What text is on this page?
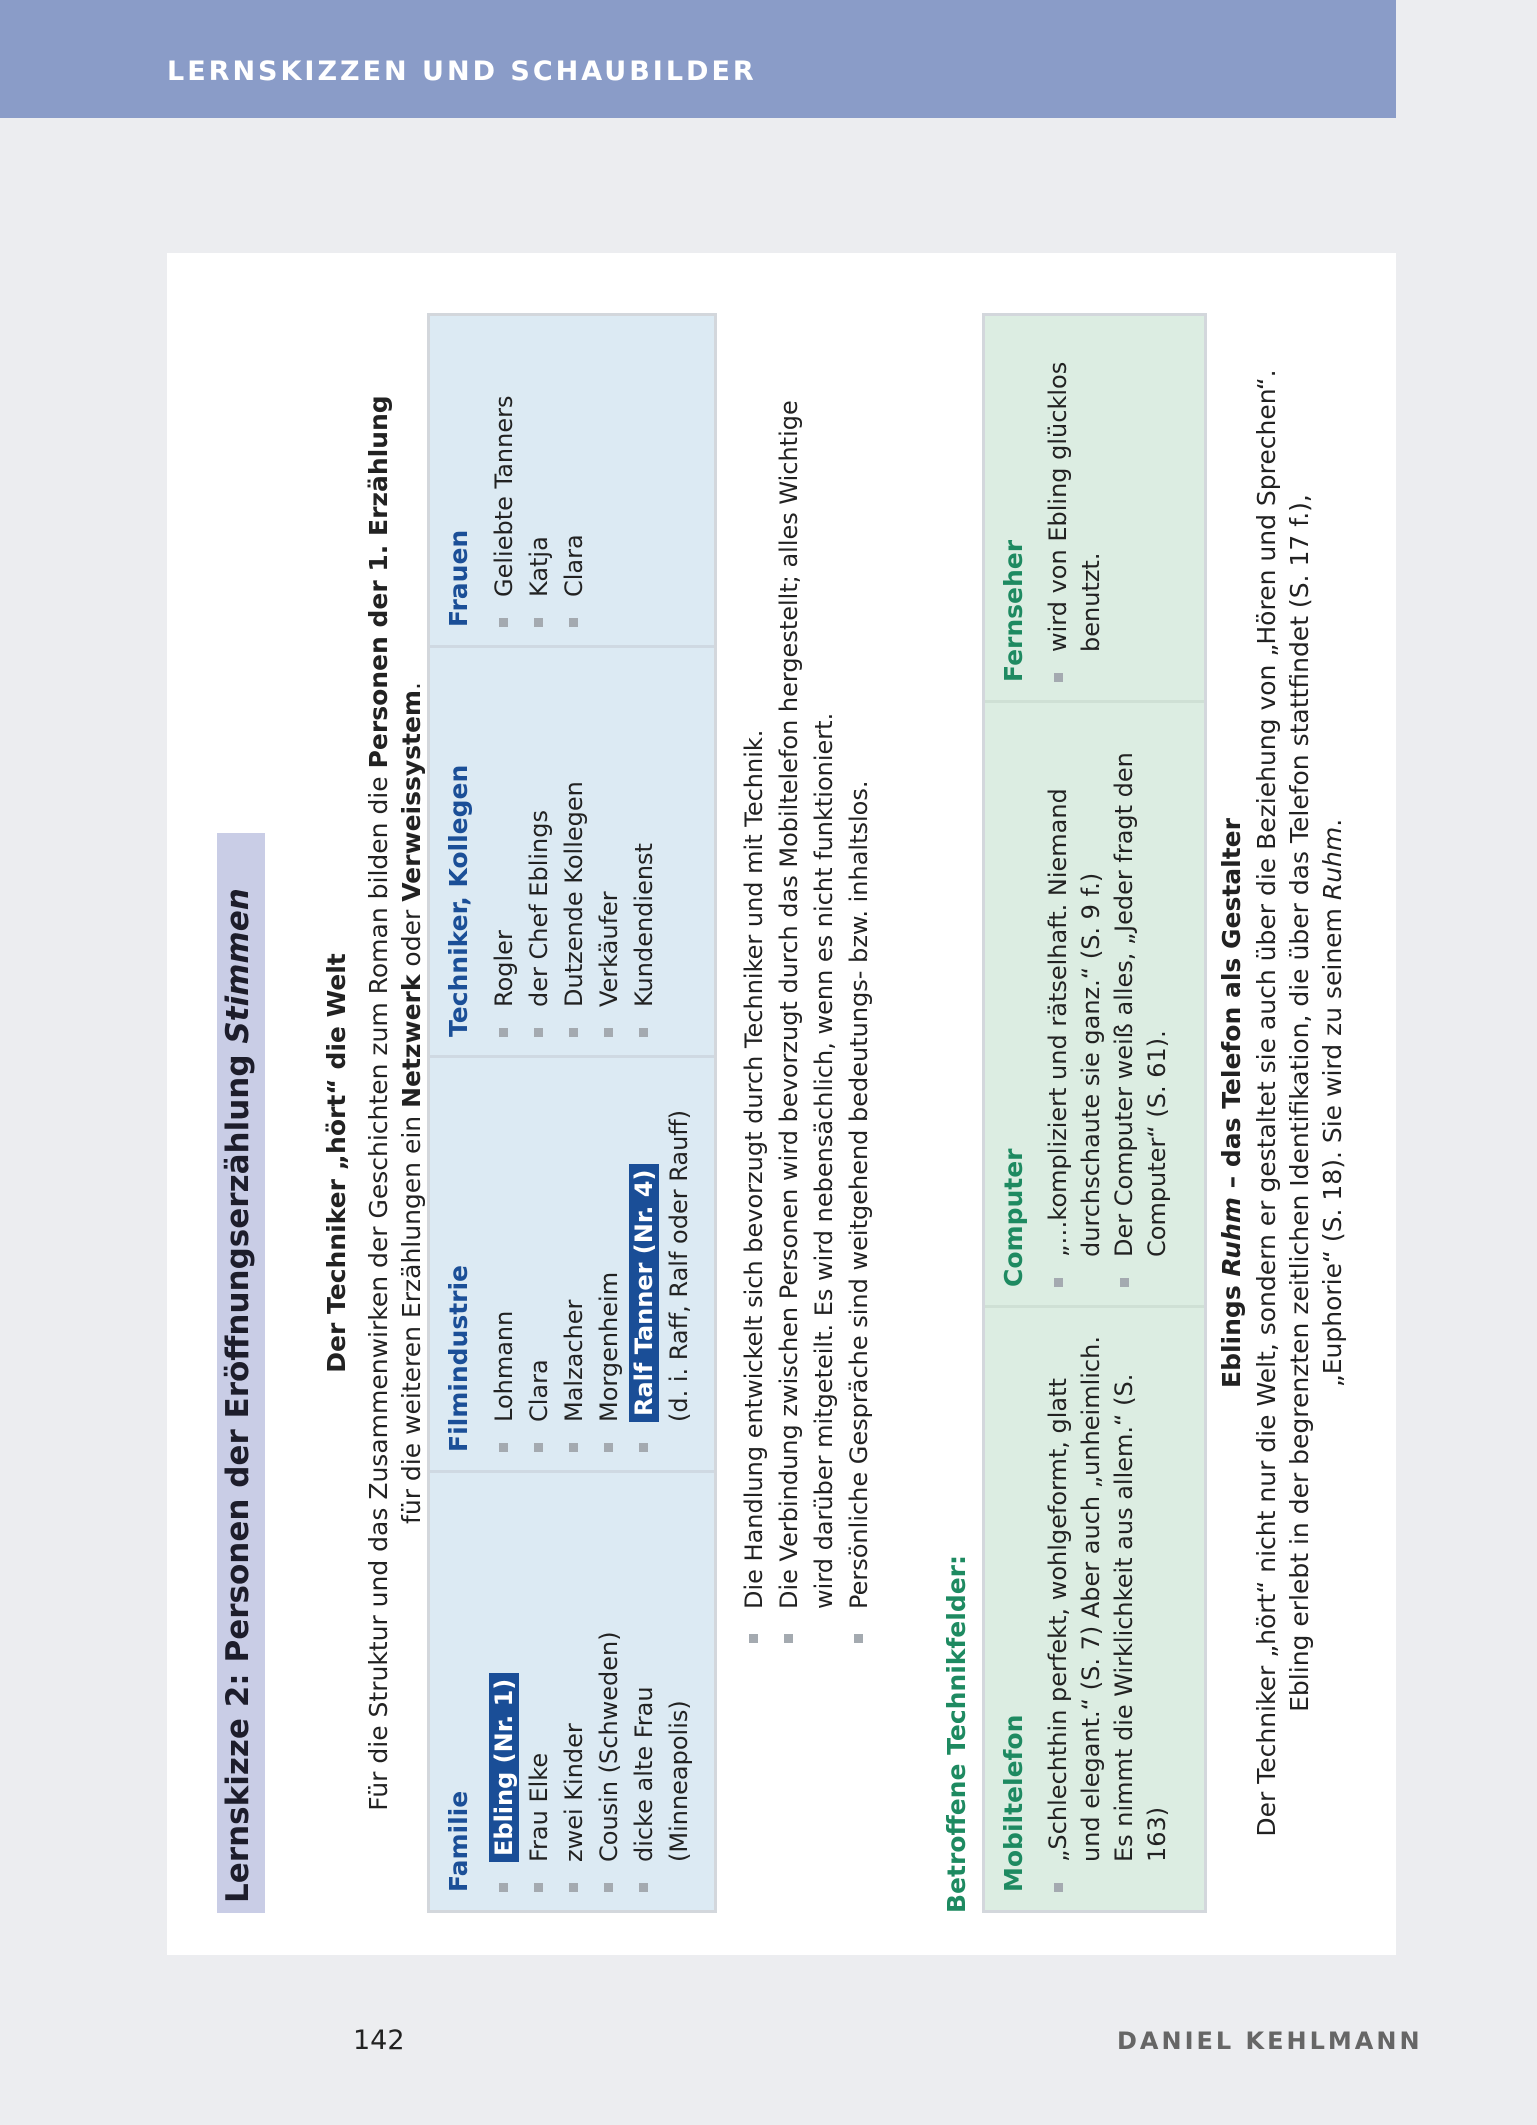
LERNSKIZZEN UND SCHAUBILDER
Lernskizze 2: Personen der Eröffnungserzählung Stimmen	Der Techniker „hört“ die Welt Für die Struktur und das Zusammenwirken der Geschichten zum Roman bilden die Personen der 1. Erzählung
für die weiteren Erzählungen ein Netzwerk oder Verweissystem.
Familie Ebling (Nr. 1) Frau Elke zwei Kinder Cousin (Schweden) dicke alte Frau (Minneapolis)
Filmindustrie Lohmann Clara Malzacher Morgenheim Ralf Tanner (Nr. 4) (d. i. Raff, Ralf oder Rauff)
Techniker, Kollegen Rogler der Chef Eblings Dutzende Kollegen Verkäufer Kundendienst
Frauen Geliebte Tanners Katja Clara
Die Handlung entwickelt sich bevorzugt durch Techniker und mit Technik. Die Verbindung zwischen Personen wird bevorzugt durch das Mobiltelefon hergestellt; alles Wichtige wird darüber mitgeteilt. Es wird nebensächlich, wenn es nicht funktioniert. Persönliche Gespräche sind weitgehend bedeutungs- bzw. inhaltslos.
Betroffene Technikfelder: Mobiltelefon „Schlechthin perfekt, wohlgeformt, glatt und elegant.“ (S. 7) Aber auch „unheimlich. Es nimmt die Wirklichkeit aus allem.“ (S. 163)
Computer „…kompliziert und rätselhaft. Niemand durchschaute sie ganz.“ (S. 9 f.) Der Computer weiß alles, „Jeder fragt den Computer“ (S. 61).
Fernseher wird von Ebling glücklos benutzt.
Eblings Ruhm – das Telefon als Gestalter Der Techniker „hört“ nicht nur die Welt, sondern er gestaltet sie auch über die Beziehung von „Hören und Sprechen“. Ebling erlebt in der begrenzten zeitlichen Identifikation, die über das Telefon stattfindet (S. 17 f.), „Euphorie“ (S. 18). Sie wird zu seinem Ruhm.
142	DANIEL KEHLMANN
